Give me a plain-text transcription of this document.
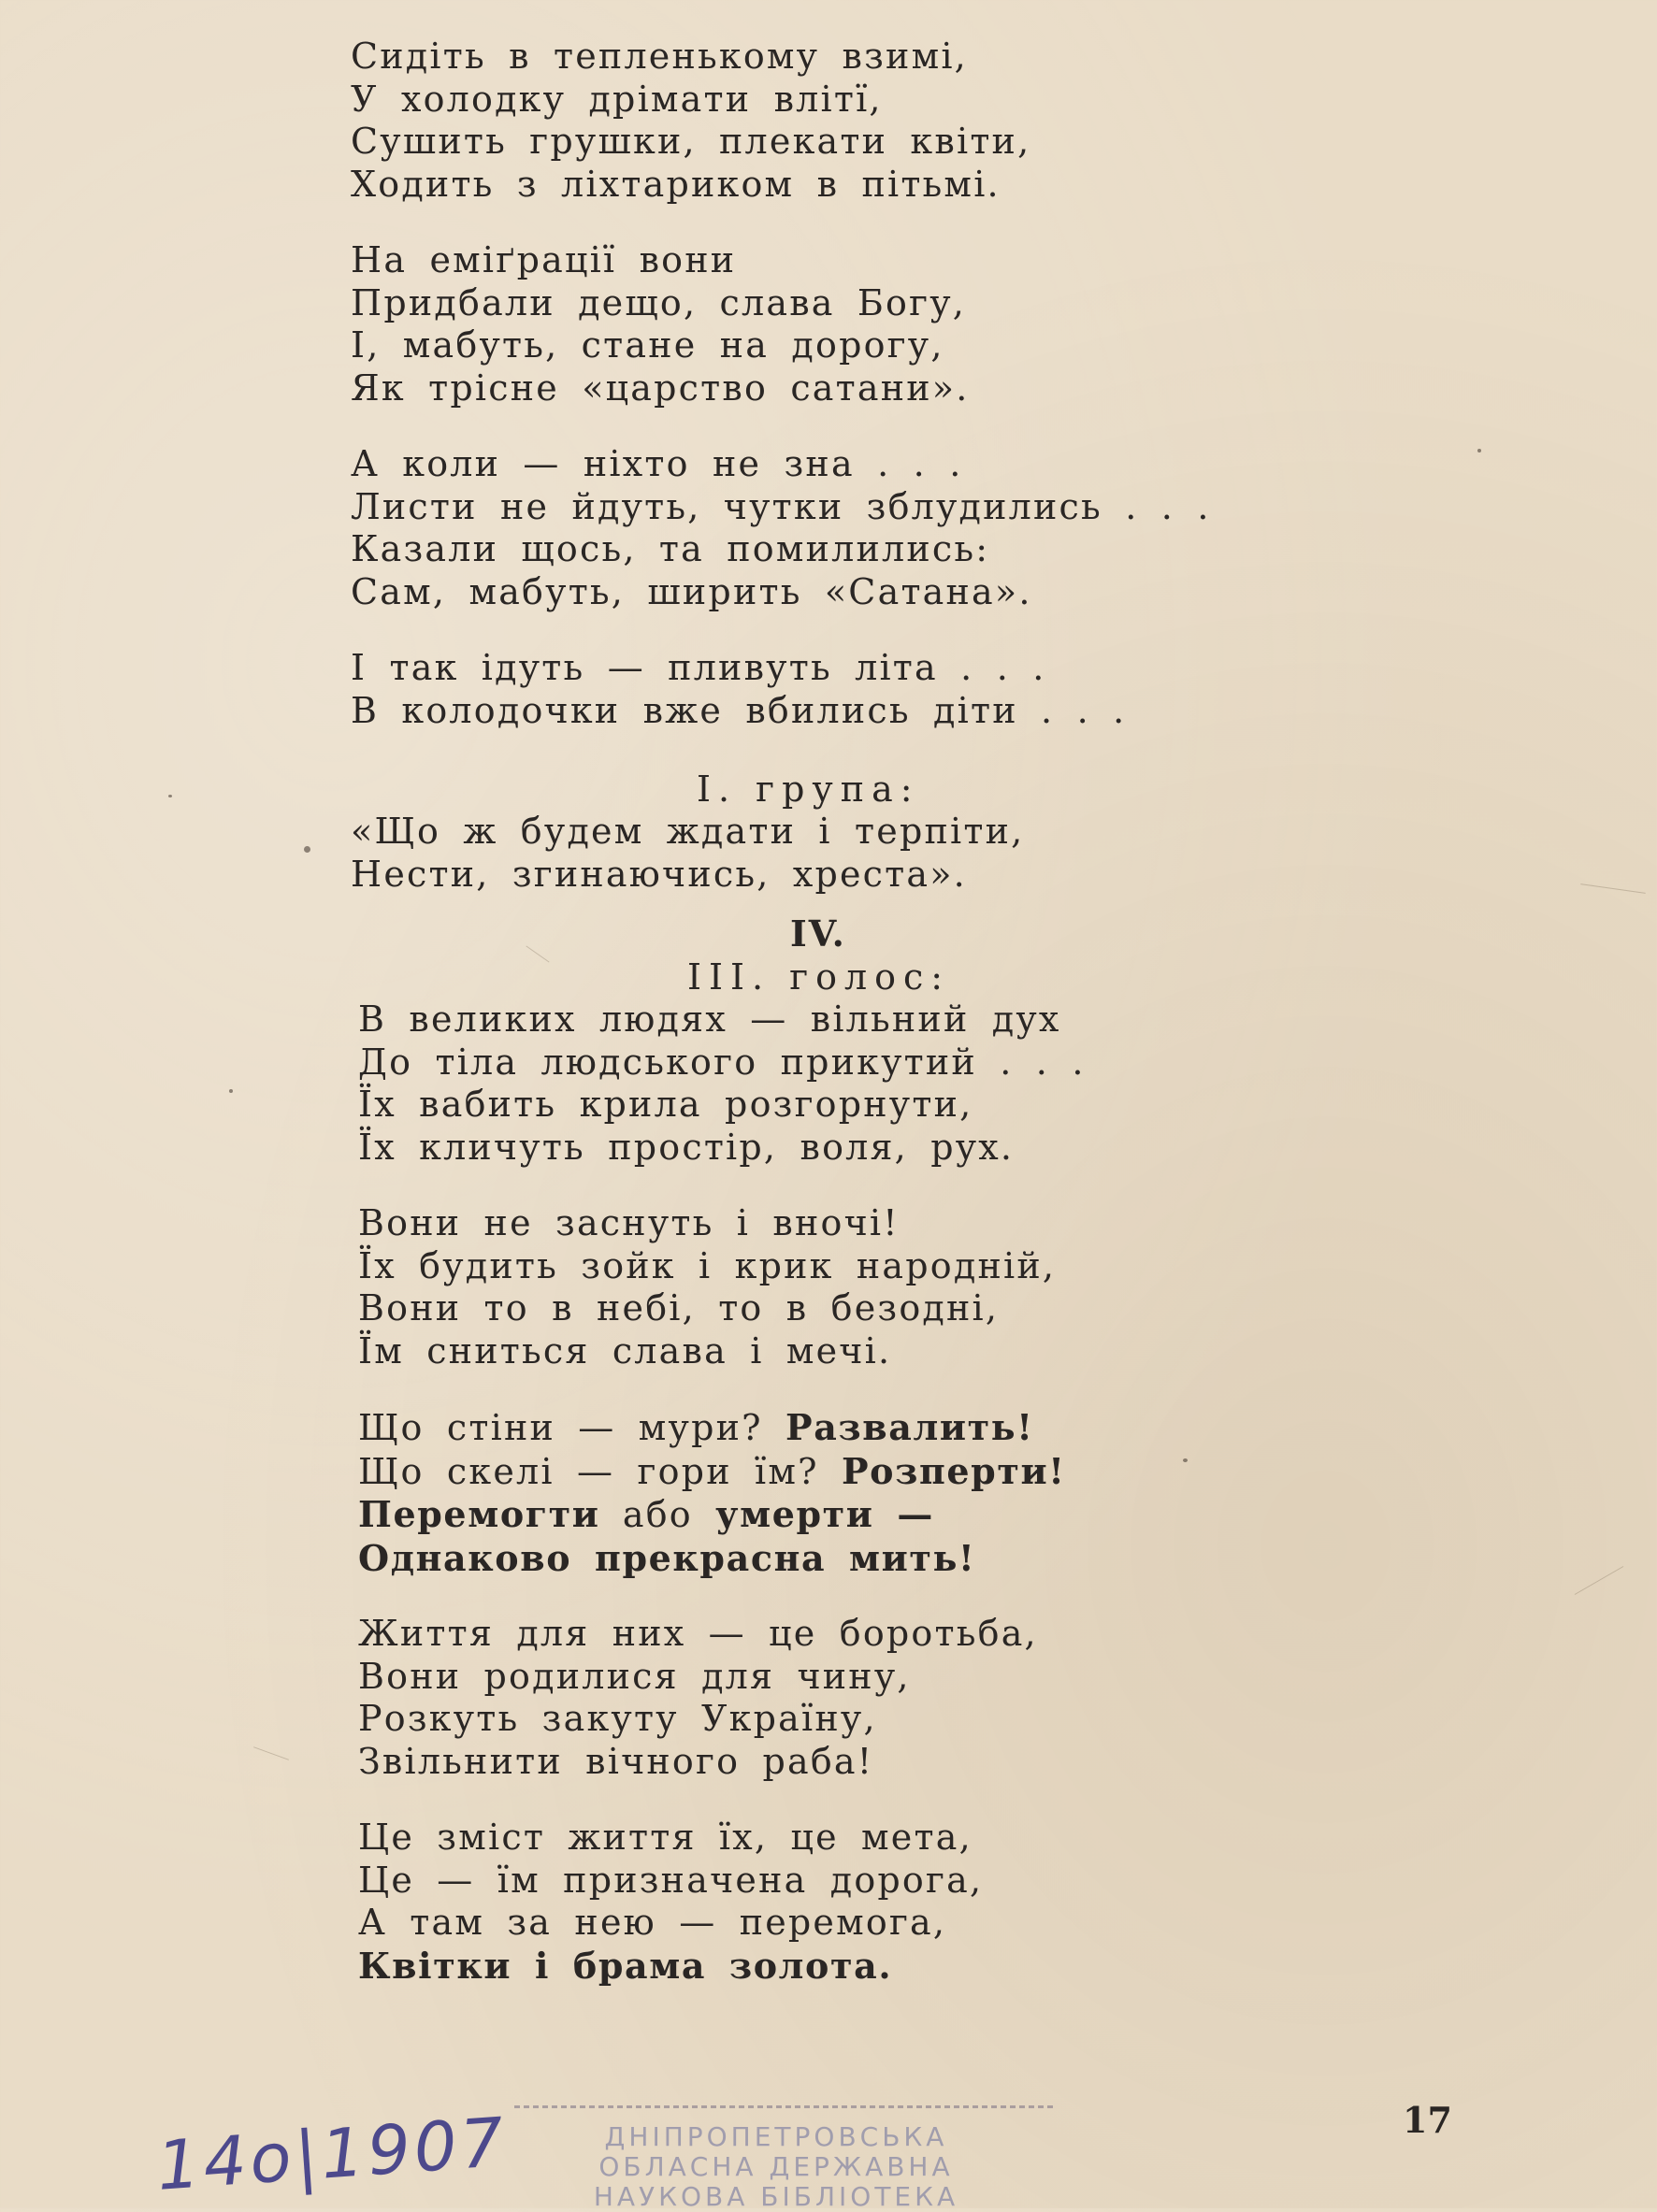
Сидіть в тепленькому взимі,
У холодку дрімати влітї,
Сушить грушки, плекати квіти,
Ходить з ліхтариком в пітьмі.
На еміґрації вони
Придбали дещо, слава Богу,
І, мабуть, стане на дорогу,
Як трісне «царство сатани».
А коли — ніхто не зна . . .
Листи не йдуть, чутки зблудились . . .
Казали щось, та помилились:
Сам, мабуть, ширить «Сатана».
І так ідуть — пливуть літа . . .
В колодочки вже вбились діти . . .
І. група:
«Що ж будем ждати і терпіти,
Нести, згинаючись, хреста».
IV.
III. голос:
В великих людях — вільний дух
До тіла людського прикутий . . .
Їх вабить крила розгорнути,
Їх кличуть простір, воля, рух.
Вони не заснуть і вночі!
Їх будить зойк і крик народній,
Вони то в небі, то в безодні,
Їм сниться слава і мечі.
Що стіни — мури? Развалить!
Що скелі — гори їм? Розперти!
Перемогти або умерти —
Однаково прекрасна мить!
Життя для них — це боротьба,
Вони родилися для чину,
Розкуть закуту Україну,
Звільнити вічного раба!
Це зміст життя їх, це мета,
Це — їм призначена дорога,
А там за нею — перемога,
Квітки і брама золота.
17
14о|1907	ДНІПРОПЕТРОВСЬКА
ОБЛАСНА ДЕРЖАВНА
НАУКОВА БІБЛІОТЕКА
